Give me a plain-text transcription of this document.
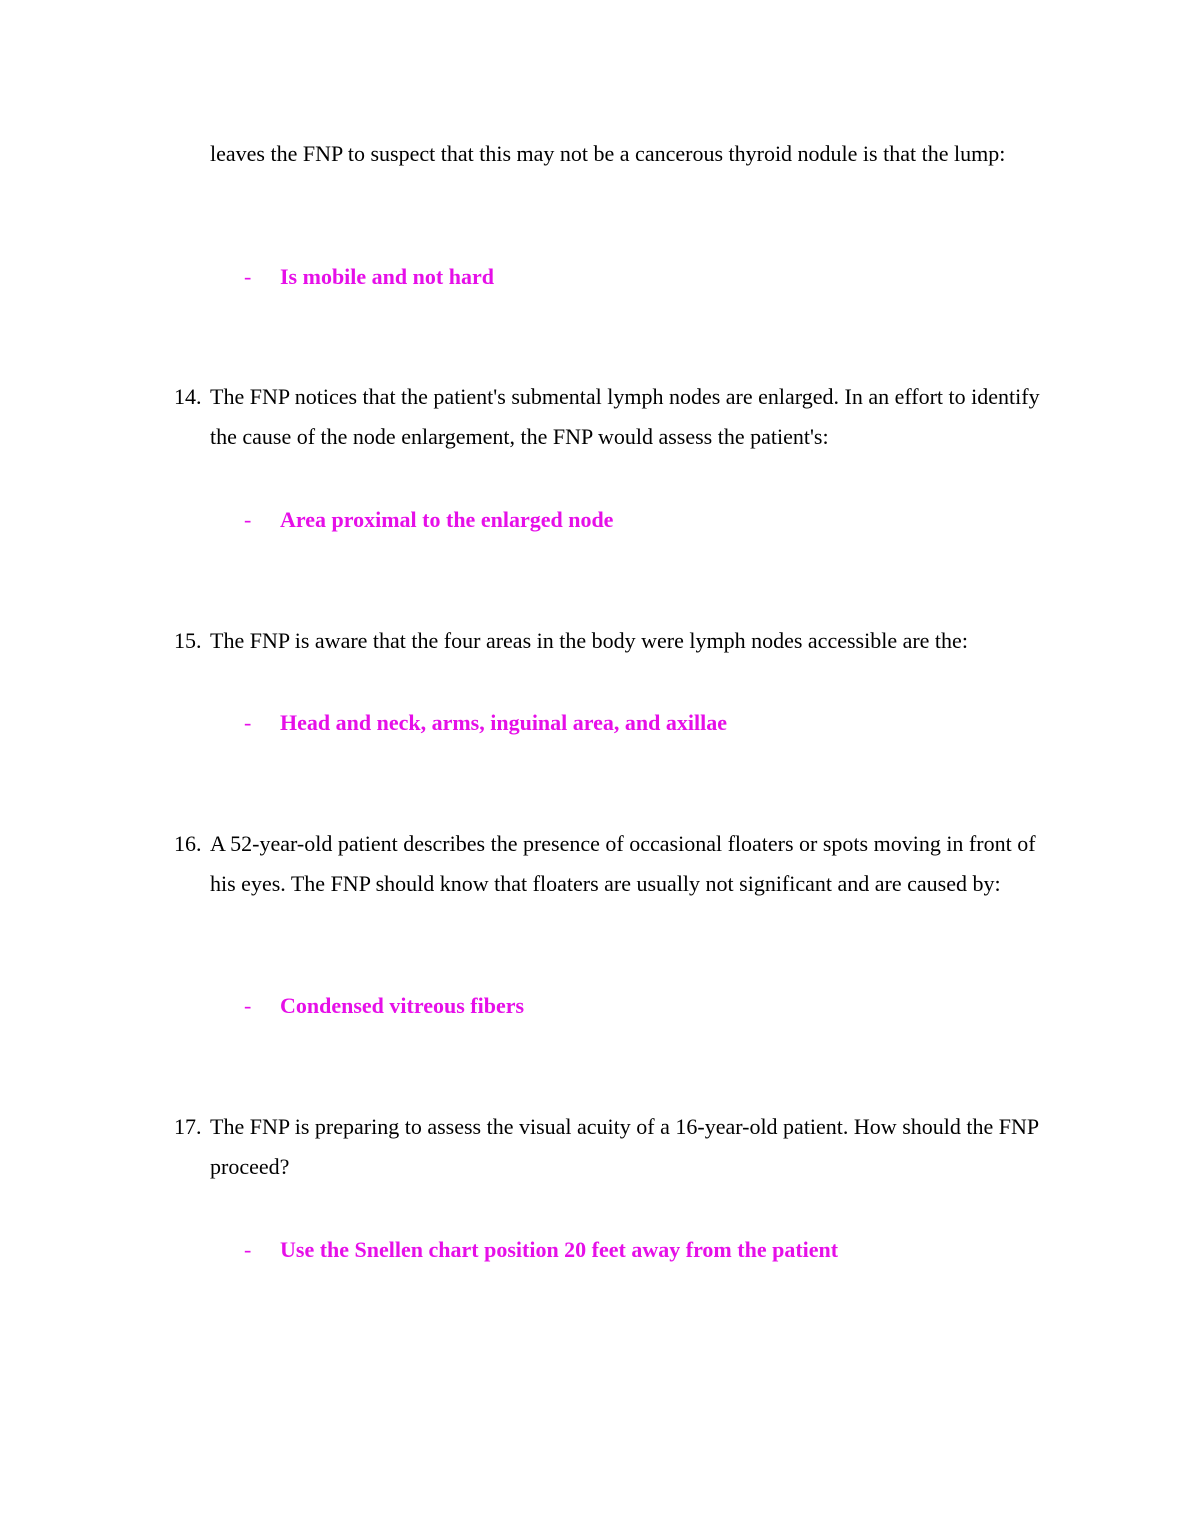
leaves the FNP to suspect that this may not be a cancerous thyroid nodule is that the lump:

- Is mobile and not hard
14. The FNP notices that the patient's submental lymph nodes are enlarged. In an effort to identify the cause of the node enlargement, the FNP would assess the patient's:

- Area proximal to the enlarged node
15. The FNP is aware that the four areas in the body were lymph nodes accessible are the:

- Head and neck, arms, inguinal area, and axillae
16. A 52-year-old patient describes the presence of occasional floaters or spots moving in front of his eyes. The FNP should know that floaters are usually not significant and are caused by:

- Condensed vitreous fibers
17. The FNP is preparing to assess the visual acuity of a 16-year-old patient. How should the FNP proceed?

- Use the Snellen chart position 20 feet away from the patient
